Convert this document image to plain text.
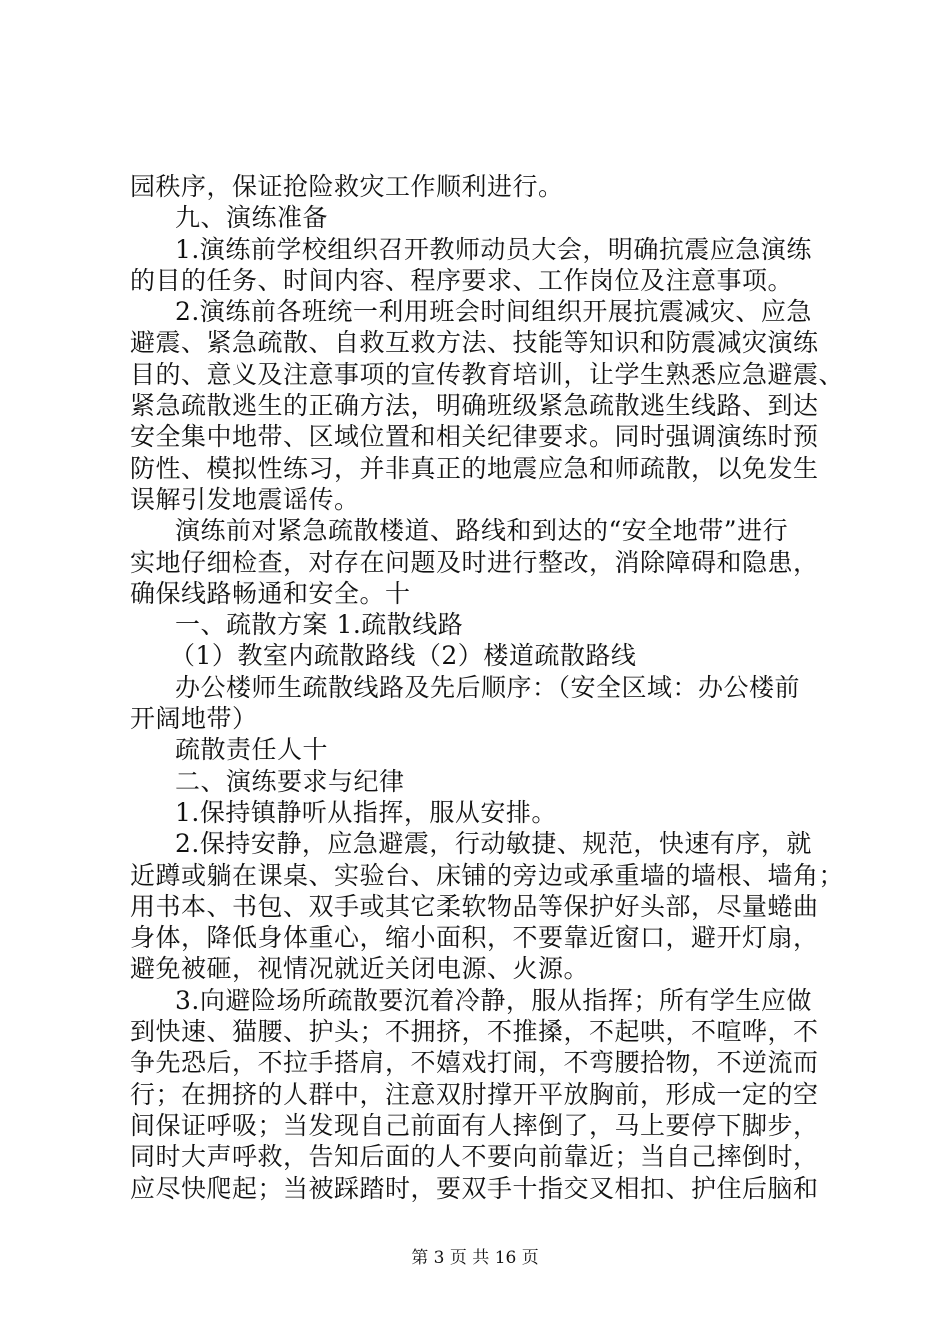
园秩序，保证抢险救灾工作顺利进行。
九、演练准备
1.演练前学校组织召开教师动员大会，明确抗震应急演练
的目的任务、时间内容、程序要求、工作岗位及注意事项。
2.演练前各班统一利用班会时间组织开展抗震减灾、应急
避震、紧急疏散、自救互救方法、技能等知识和防震减灾演练
目的、意义及注意事项的宣传教育培训，让学生熟悉应急避震、
紧急疏散逃生的正确方法，明确班级紧急疏散逃生线路、到达
安全集中地带、区域位置和相关纪律要求。同时强调演练时预
防性、模拟性练习，并非真正的地震应急和师疏散，以免发生
误解引发地震谣传。
演练前对紧急疏散楼道、路线和到达的“安全地带”进行
实地仔细检查，对存在问题及时进行整改，消除障碍和隐患，
确保线路畅通和安全。十
一、疏散方案 1.疏散线路
（1）教室内疏散路线（2）楼道疏散路线
办公楼师生疏散线路及先后顺序：（安全区域：办公楼前
开阔地带）
疏散责任人十
二、演练要求与纪律
1.保持镇静听从指挥，服从安排。
2.保持安静，应急避震，行动敏捷、规范，快速有序，就
近蹲或躺在课桌、实验台、床铺的旁边或承重墙的墙根、墙角；
用书本、书包、双手或其它柔软物品等保护好头部，尽量蜷曲
身体，降低身体重心，缩小面积，不要靠近窗口，避开灯扇，
避免被砸，视情况就近关闭电源、火源。
3.向避险场所疏散要沉着冷静，服从指挥；所有学生应做
到快速、猫腰、护头；不拥挤，不推搡，不起哄，不喧哗，不
争先恐后，不拉手搭肩，不嬉戏打闹，不弯腰拾物，不逆流而
行；在拥挤的人群中，注意双肘撑开平放胸前，形成一定的空
间保证呼吸；当发现自己前面有人摔倒了，马上要停下脚步，
同时大声呼救，告知后面的人不要向前靠近；当自己摔倒时，
应尽快爬起；当被踩踏时，要双手十指交叉相扣、护住后脑和
第 3 页 共 16 页
